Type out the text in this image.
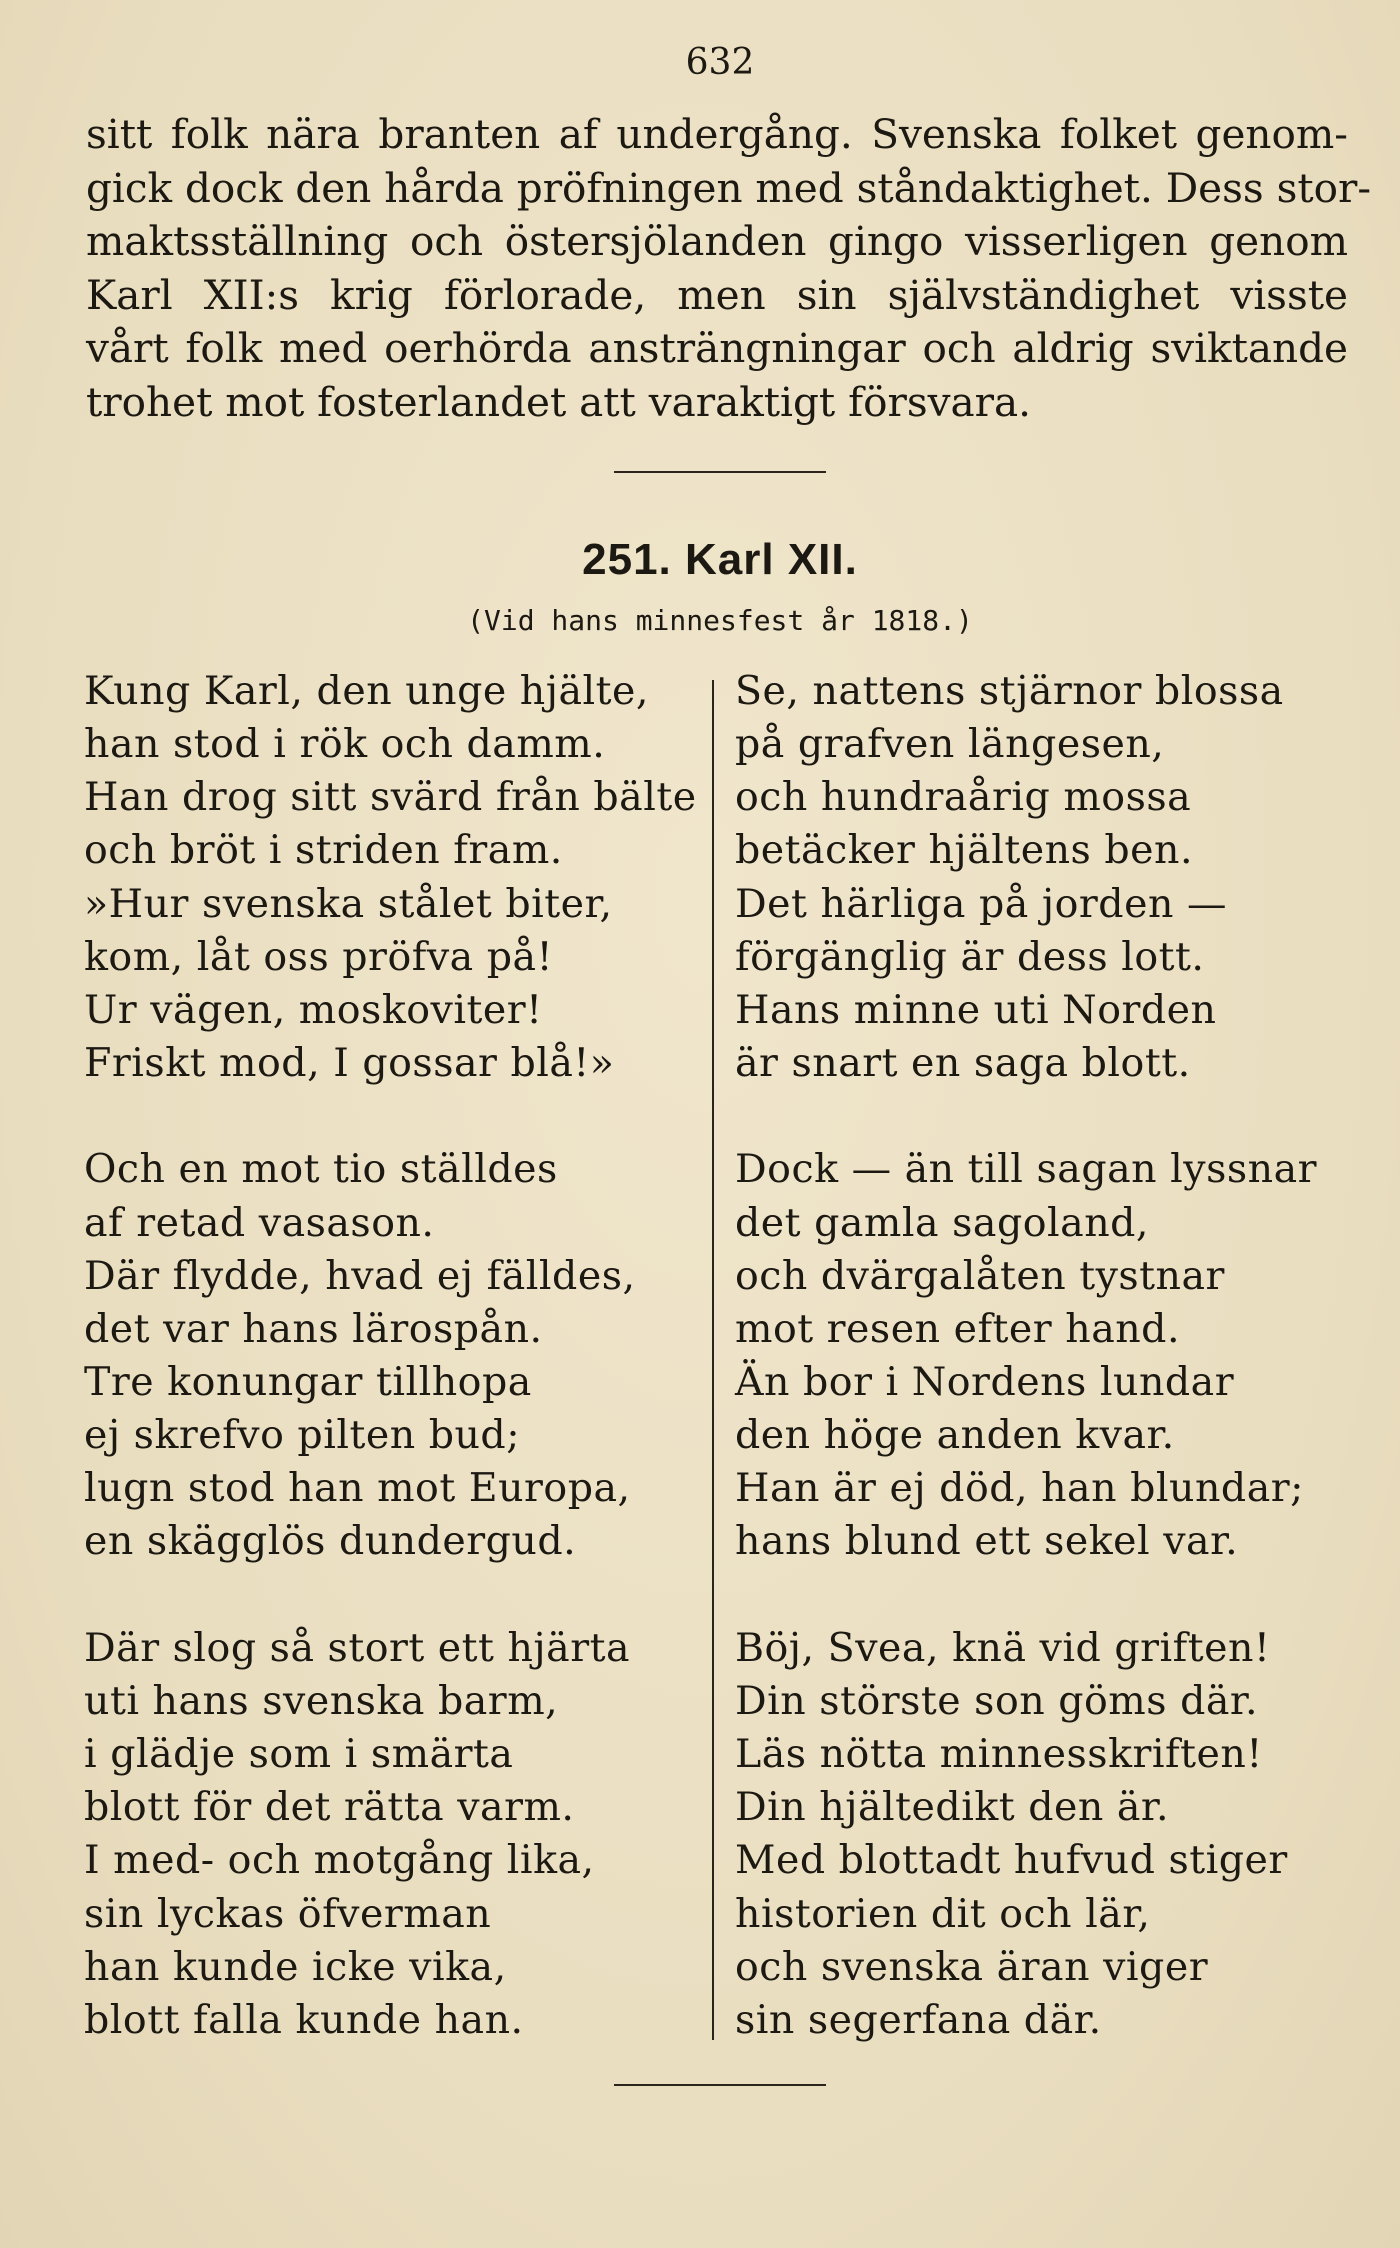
632
sitt folk nära branten af undergång. Svenska folket genom-
gick dock den hårda pröfningen med ståndaktighet. Dess stor-
maktsställning och östersjölanden gingo visserligen genom
Karl XII:s krig förlorade, men sin självständighet visste
vårt folk med oerhörda ansträngningar och aldrig sviktande
trohet mot fosterlandet att varaktigt försvara.
251. Karl XII.
(Vid hans minnesfest år 1818.)
Kung Karl, den unge hjälte,
han stod i rök och damm.
Han drog sitt svärd från bälte
och bröt i striden fram.
»Hur svenska stålet biter,
kom, låt oss pröfva på!
Ur vägen, moskoviter!
Friskt mod, I gossar blå!»
Och en mot tio ställdes
af retad vasason.
Där flydde, hvad ej fälldes,
det var hans lärospån.
Tre konungar tillhopa
ej skrefvo pilten bud;
lugn stod han mot Europa,
en skägglös dundergud.
Där slog så stort ett hjärta
uti hans svenska barm,
i glädje som i smärta
blott för det rätta varm.
I med- och motgång lika,
sin lyckas öfverman
han kunde icke vika,
blott falla kunde han.
Se, nattens stjärnor blossa
på grafven längesen,
och hundraårig mossa
betäcker hjältens ben.
Det härliga på jorden —
förgänglig är dess lott.
Hans minne uti Norden
är snart en saga blott.
Dock — än till sagan lyssnar
det gamla sagoland,
och dvärgalåten tystnar
mot resen efter hand.
Än bor i Nordens lundar
den höge anden kvar.
Han är ej död, han blundar;
hans blund ett sekel var.
Böj, Svea, knä vid griften!
Din störste son göms där.
Läs nötta minnesskriften!
Din hjältedikt den är.
Med blottadt hufvud stiger
historien dit och lär,
och svenska äran viger
sin segerfana där.
